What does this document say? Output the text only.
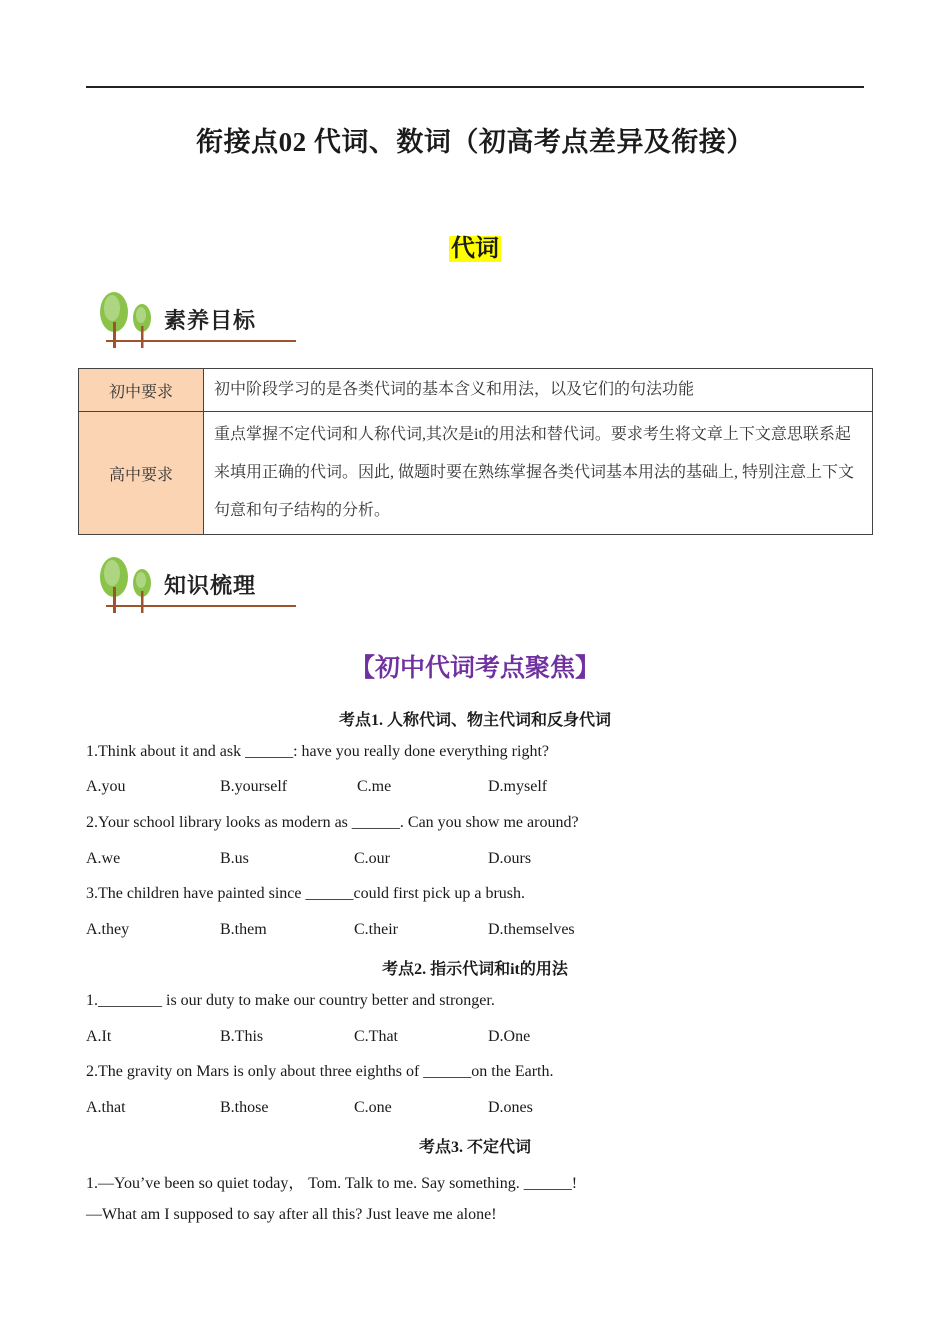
衔接点02 代词、数词（初高考点差异及衔接）
代词
素养目标
初中要求	初中阶段学习的是各类代词的基本含义和用法，以及它们的句法功能
高中要求	重点掌握不定代词和人称代词,其次是it的用法和替代词。要求考生将文章上下文意思联系起来填用正确的代词。因此, 做题时要在熟练掌握各类代词基本用法的基础上, 特别注意上下文句意和句子结构的分析。
知识梳理
【初中代词考点聚焦】
考点1. 人称代词、物主代词和反身代词
1.Think about it and ask ______: have you really done everything right?
A.you	B.yourself	C.me	D.myself
2.Your school library looks as modern as ______. Can you show me around?
A.we	B.us	C.our	D.ours
3.The children have painted since ______could first pick up a brush.
A.they	B.them	C.their	D.themselves
考点2. 指示代词和it的用法
1.________ is our duty to make our country better and stronger.
A.It	B.This	C.That	D.One
2.The gravity on Mars is only about three eighths of ______on the Earth.
A.that	B.those	C.one	D.ones
考点3. 不定代词
1.—You’ve been so quiet today， Tom. Talk to me. Say something. ______!
—What am I supposed to say after all this? Just leave me alone!
